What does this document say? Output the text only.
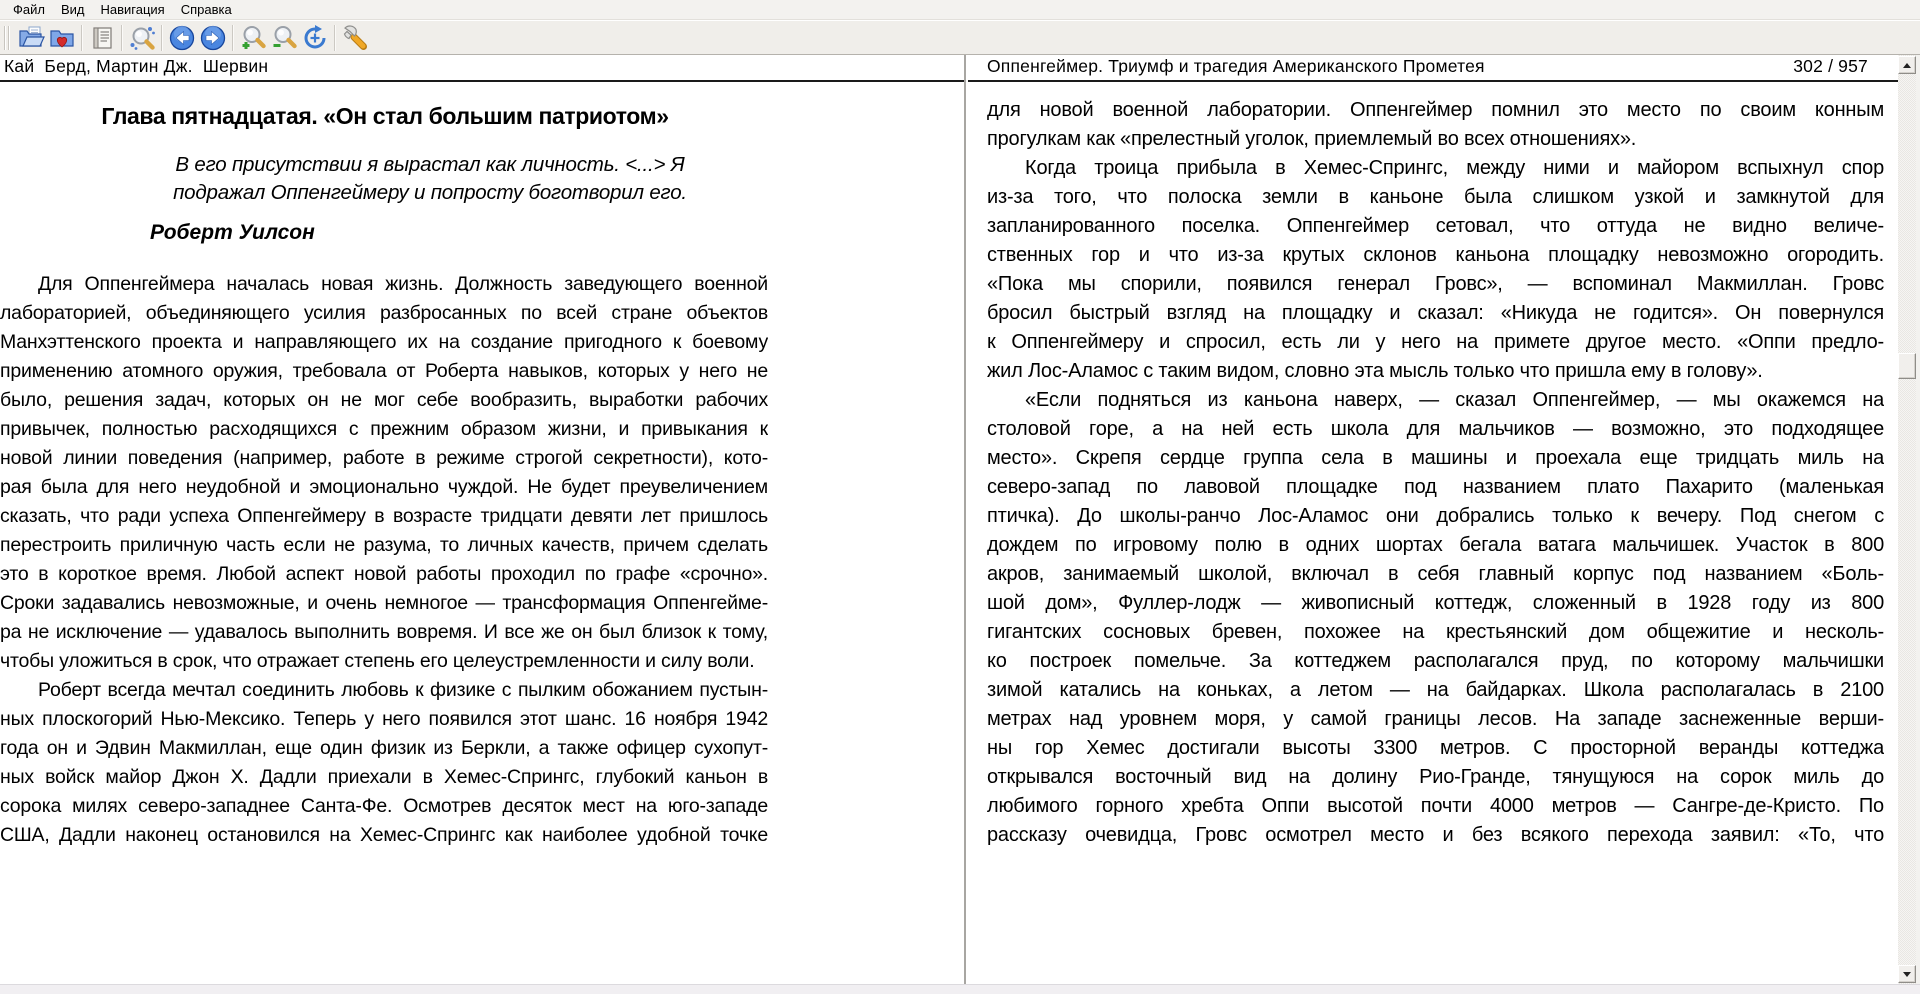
Файл	Вид	Навигация	Справка
Кай  Берд, Мартин Дж.  Шервин
Глава пятнадцатая. «Он стал большим патриотом»
В его присутствии я вырастал как личность. <...> Я
подражал Оппенгеймеру и попросту боготворил его.
Роберт Уилсон
Для Оппенгеймера началась новая жизнь. Должность заведующего военной
лабораторией, объединяющего усилия разбросанных по всей стране объектов
Манхэттенского проекта и направляющего их на создание пригодного к боевому
применению атомного оружия, требовала от Роберта навыков, которых у него не
было, решения задач, которых он не мог себе вообразить, выработки рабочих
привычек, полностью расходящихся с прежним образом жизни, и привыкания к
новой линии поведения (например, работе в режиме строгой секретности), кото-
рая была для него неудобной и эмоционально чуждой. Не будет преувеличением
сказать, что ради успеха Оппенгеймеру в возрасте тридцати девяти лет пришлось
перестроить приличную часть если не разума, то личных качеств, причем сделать
это в короткое время. Любой аспект новой работы проходил по графе «срочно».
Сроки задавались невозможные, и очень немногое — трансформация Оппенгейме-
ра не исключение — удавалось выполнить вовремя. И все же он был близок к тому,
чтобы уложиться в срок, что отражает степень его целеустремленности и силу воли.
Роберт всегда мечтал соединить любовь к физике с пылким обожанием пустын-
ных плоскогорий Нью-Мексико. Теперь у него появился этот шанс. 16 ноября 1942
года он и Эдвин Макмиллан, еще один физик из Беркли, а также офицер сухопут-
ных войск майор Джон Х. Дадли приехали в Хемес-Спрингс, глубокий каньон в
сорока милях северо-западнее Санта-Фе. Осмотрев десяток мест на юго-западе
США, Дадли наконец остановился на Хемес-Спрингс как наиболее удобной точке
Оппенгеймер. Триумф и трагедия Американского Прометея	302 / 957
для новой военной лаборатории. Оппенгеймер помнил это место по своим конным
прогулкам как «прелестный уголок, приемлемый во всех отношениях».
Когда троица прибыла в Хемес-Спрингс, между ними и майором вспыхнул спор
из-за того, что полоска земли в каньоне была слишком узкой и замкнутой для
запланированного поселка. Оппенгеймер сетовал, что оттуда не видно величе-
ственных гор и что из-за крутых склонов каньона площадку невозможно огородить.
«Пока мы спорили, появился генерал Гровс», — вспоминал Макмиллан. Гровс
бросил быстрый взгляд на площадку и сказал: «Никуда не годится». Он повернулся
к Оппенгеймеру и спросил, есть ли у него на примете другое место. «Оппи предло-
жил Лос-Аламос с таким видом, словно эта мысль только что пришла ему в голову».
«Если подняться из каньона наверх, — сказал Оппенгеймер, — мы окажемся на
столовой горе, а на ней есть школа для мальчиков — возможно, это подходящее
место». Скрепя сердце группа села в машины и проехала еще тридцать миль на
северо-запад по лавовой площадке под названием плато Пахарито (маленькая
птичка). До школы-ранчо Лос-Аламос они добрались только к вечеру. Под снегом с
дождем по игровому полю в одних шортах бегала ватага мальчишек. Участок в 800
акров, занимаемый школой, включал в себя главный корпус под названием «Боль-
шой дом», Фуллер-лодж — живописный коттедж, сложенный в 1928 году из 800
гигантских сосновых бревен, похожее на крестьянский дом общежитие и несколь-
ко построек помельче. За коттеджем располагался пруд, по которому мальчишки
зимой катались на коньках, а летом — на байдарках. Школа располагалась в 2100
метрах над уровнем моря, у самой границы лесов. На западе заснеженные верши-
ны гор Хемес достигали высоты 3300 метров. С просторной веранды коттеджа
открывался восточный вид на долину Рио-Гранде, тянущуюся на сорок миль до
любимого горного хребта Оппи высотой почти 4000 метров — Сангре-де-Кристо. По
рассказу очевидца, Гровс осмотрел место и без всякого перехода заявил: «То, что
